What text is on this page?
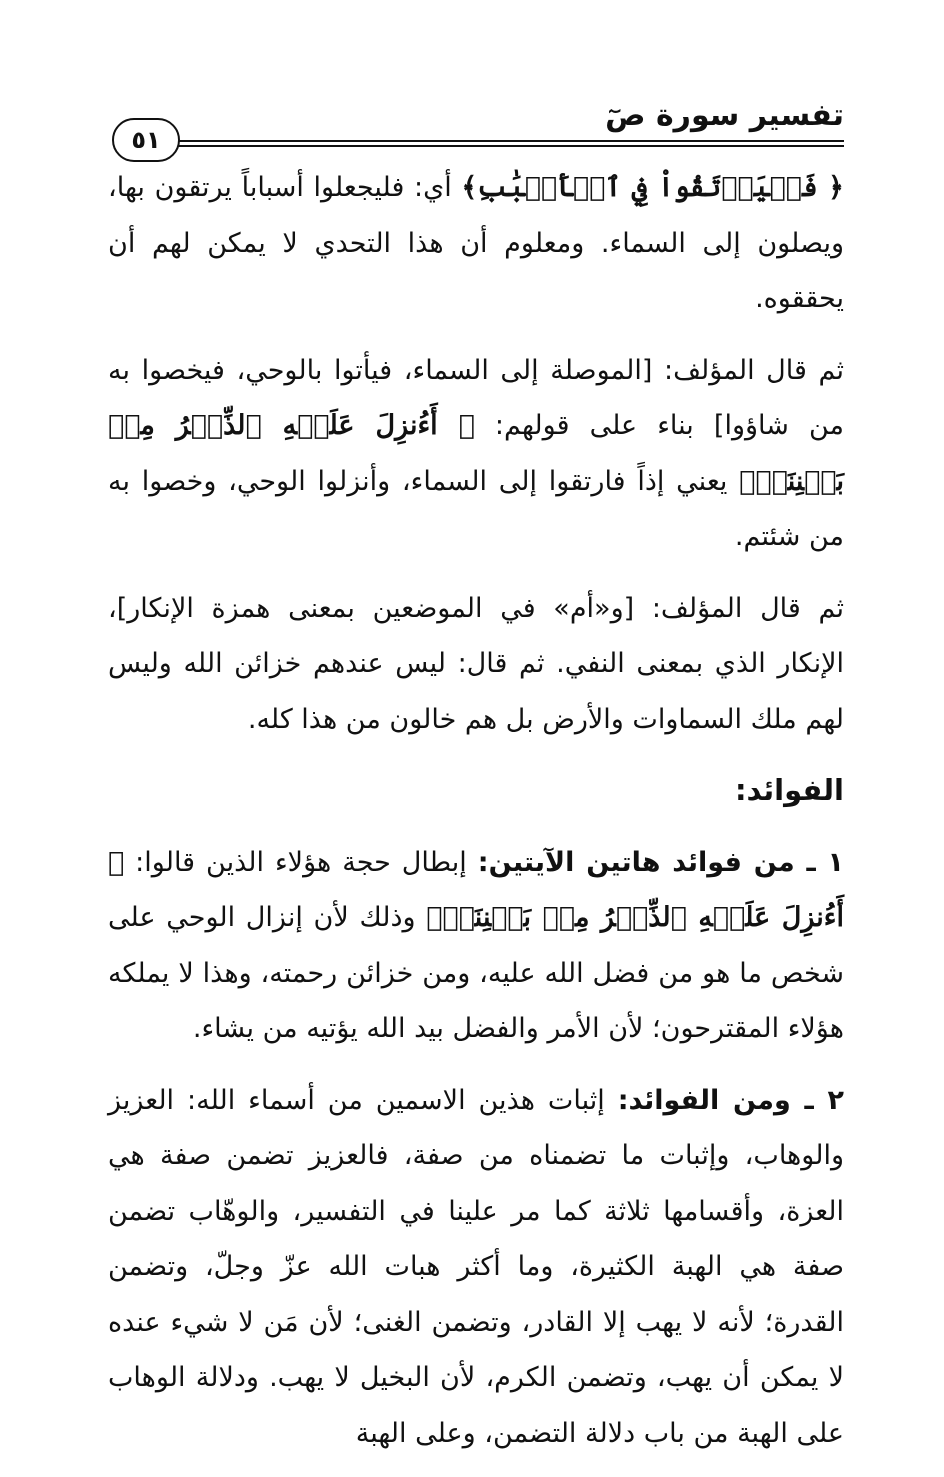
تفسير سورة صٓ
٥١

﴿ فَلۡيَرۡتَقُواْ فِي ٱلۡأَسۡبَٰبِ﴾ أي: فليجعلوا أسباباً يرتقون بها، ويصلون إلى السماء. ومعلوم أن هذا التحدي لا يمكن لهم أن يحققوه.

ثم قال المؤلف: [الموصلة إلى السماء، فيأتوا بالوحي، فيخصوا به من شاؤوا] بناء على قولهم: ﴿ أَءُنزِلَ عَلَيۡهِ ٱلذِّكۡرُ مِنۢ بَيۡنِنَاۚ﴾ يعني إذاً فارتقوا إلى السماء، وأنزلوا الوحي، وخصوا به من شئتم.

ثم قال المؤلف: [و«أم» في الموضعين بمعنى همزة الإنكار]، الإنكار الذي بمعنى النفي. ثم قال: ليس عندهم خزائن الله وليس لهم ملك السماوات والأرض بل هم خالون من هذا كله.

الفوائد:

١ ـ من فوائد هاتين الآيتين: إبطال حجة هؤلاء الذين قالوا: ﴿ أَءُنزِلَ عَلَيۡهِ ٱلذِّكۡرُ مِنۢ بَيۡنِنَاۚ﴾ وذلك لأن إنزال الوحي على شخص ما هو من فضل الله عليه، ومن خزائن رحمته، وهذا لا يملكه هؤلاء المقترحون؛ لأن الأمر والفضل بيد الله يؤتيه من يشاء.

٢ ـ ومن الفوائد: إثبات هذين الاسمين من أسماء الله: العزيز والوهاب، وإثبات ما تضمناه من صفة، فالعزيز تضمن صفة هي العزة، وأقسامها ثلاثة كما مر علينا في التفسير، والوهّاب تضمن صفة هي الهبة الكثيرة، وما أكثر هبات الله عزّ وجلّ، وتضمن القدرة؛ لأنه لا يهب إلا القادر، وتضمن الغنى؛ لأن مَن لا شيء عنده لا يمكن أن يهب، وتضمن الكرم، لأن البخيل لا يهب. ودلالة الوهاب على الهبة من باب دلالة التضمن، وعلى الهبة
